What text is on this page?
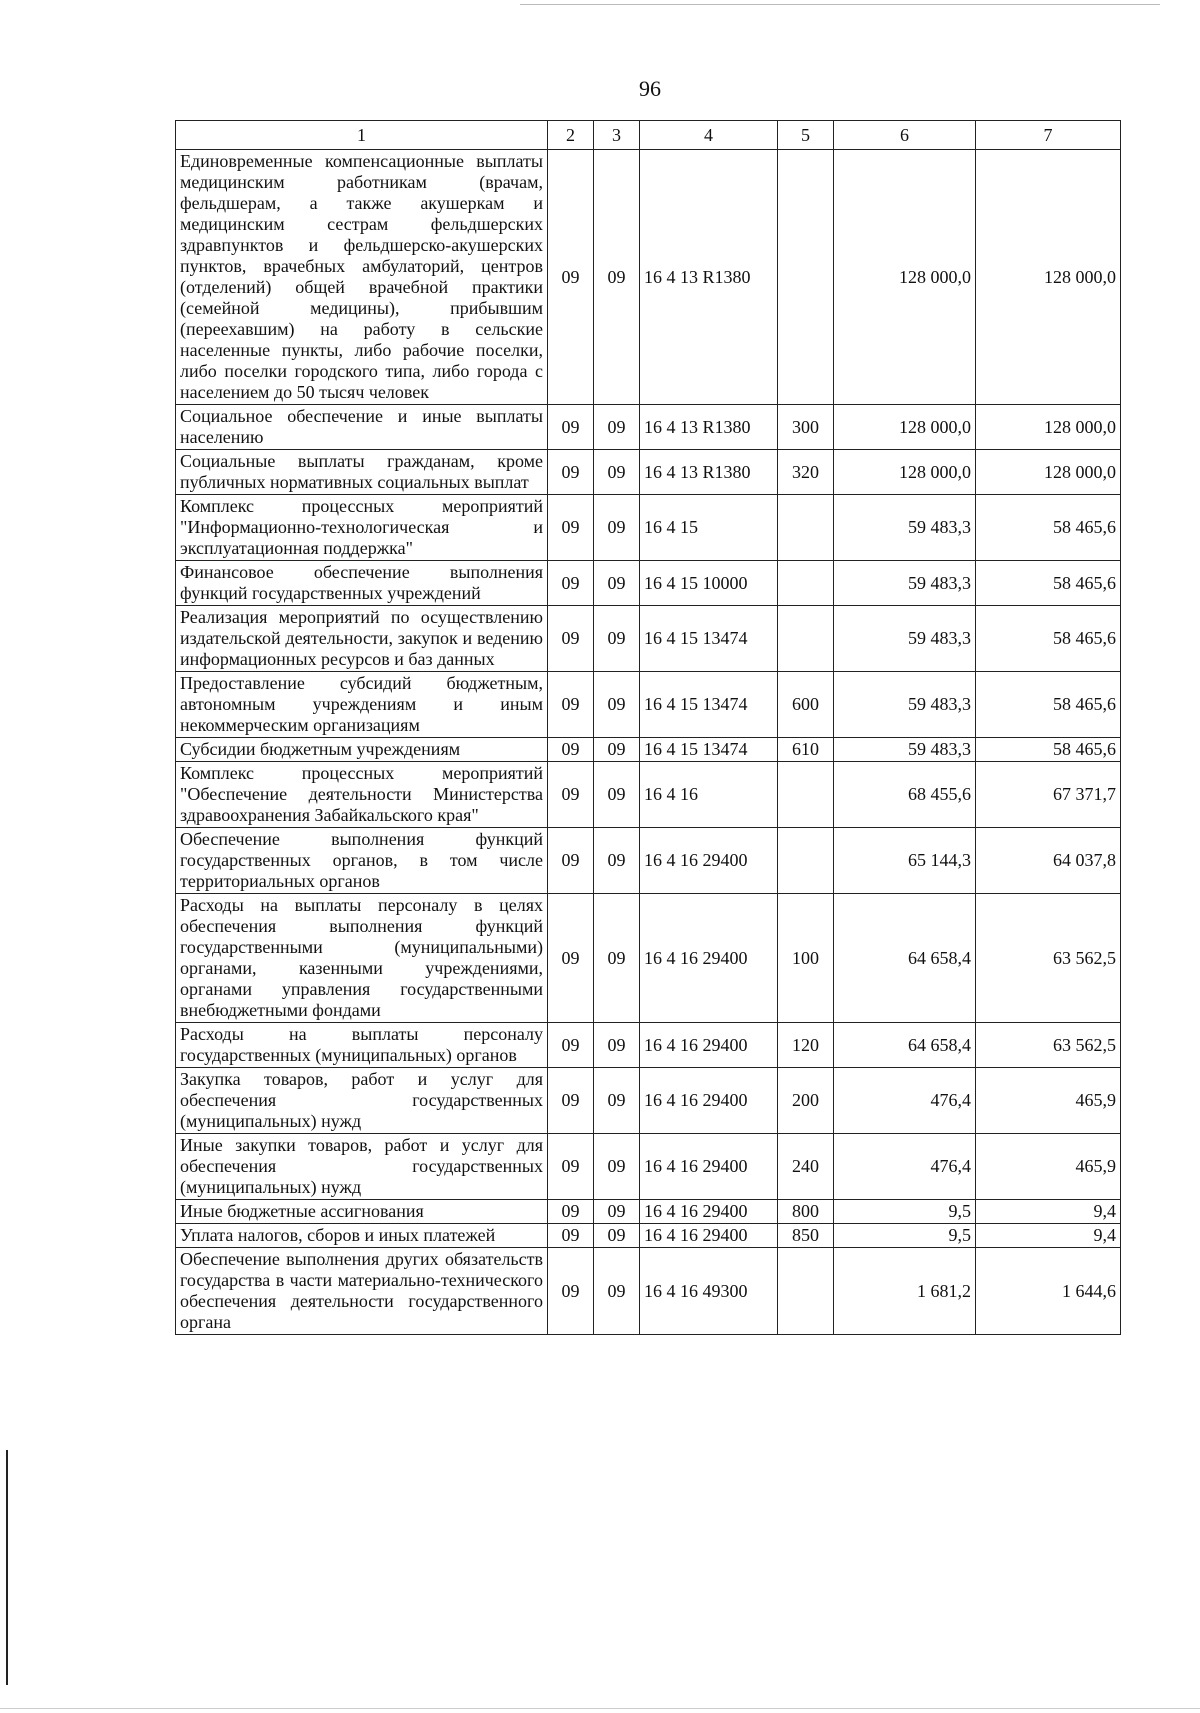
96
1	2	3	4	5	6	7
Единовременные компенсационные выплаты медицинским работникам (врачам, фельдшерам, а также акушеркам и медицинским сестрам фельдшерских здравпунктов и фельдшерско-акушерских пунктов, врачебных амбулаторий, центров (отделений) общей врачебной практики (семейной медицины), прибывшим (переехавшим) на работу в сельские населенные пункты, либо рабочие поселки, либо поселки городского типа, либо города с населением до 50 тысяч человек	09	09	16 4 13 R1380		128 000,0	128 000,0
Социальное обеспечение и иные выплаты населению	09	09	16 4 13 R1380	300	128 000,0	128 000,0
Социальные выплаты гражданам, кроме публичных нормативных социальных выплат	09	09	16 4 13 R1380	320	128 000,0	128 000,0
Комплекс процессных мероприятий "Информационно-технологическая и эксплуатационная поддержка"	09	09	16 4 15		59 483,3	58 465,6
Финансовое обеспечение выполнения функций государственных учреждений	09	09	16 4 15 10000		59 483,3	58 465,6
Реализация мероприятий по осуществлению издательской деятельности, закупок и ведению информационных ресурсов и баз данных	09	09	16 4 15 13474		59 483,3	58 465,6
Предоставление субсидий бюджетным, автономным учреждениям и иным некоммерческим организациям	09	09	16 4 15 13474	600	59 483,3	58 465,6
Субсидии бюджетным учреждениям	09	09	16 4 15 13474	610	59 483,3	58 465,6
Комплекс процессных мероприятий "Обеспечение деятельности Министерства здравоохранения Забайкальского края"	09	09	16 4 16		68 455,6	67 371,7
Обеспечение выполнения функций государственных органов, в том числе территориальных органов	09	09	16 4 16 29400		65 144,3	64 037,8
Расходы на выплаты персоналу в целях обеспечения выполнения функций государственными (муниципальными) органами, казенными учреждениями, органами управления государственными внебюджетными фондами	09	09	16 4 16 29400	100	64 658,4	63 562,5
Расходы на выплаты персоналу государственных (муниципальных) органов	09	09	16 4 16 29400	120	64 658,4	63 562,5
Закупка товаров, работ и услуг для обеспечения государственных (муниципальных) нужд	09	09	16 4 16 29400	200	476,4	465,9
Иные закупки товаров, работ и услуг для обеспечения государственных (муниципальных) нужд	09	09	16 4 16 29400	240	476,4	465,9
Иные бюджетные ассигнования	09	09	16 4 16 29400	800	9,5	9,4
Уплата налогов, сборов и иных платежей	09	09	16 4 16 29400	850	9,5	9,4
Обеспечение выполнения других обязательств государства в части материально-технического обеспечения деятельности государственного органа	09	09	16 4 16 49300		1 681,2	1 644,6
